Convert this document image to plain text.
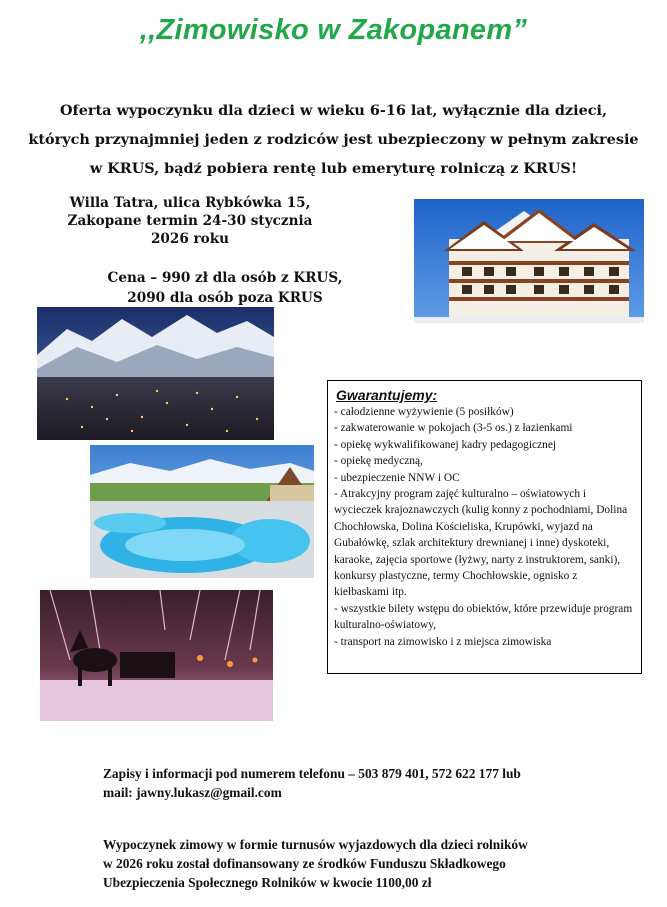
,,Zimowisko w Zakopanem”
Oferta wypoczynku dla dzieci w wieku 6-16 lat, wyłącznie dla dzieci,
których przynajmniej jeden z rodziców jest ubezpieczony w pełnym zakresie
w KRUS, bądź pobiera rentę lub emeryturę rolniczą z KRUS!
Willa Tatra, ulica Rybkówka 15,
Zakopane termin 24-30 stycznia
2026 roku
Cena – 990 zł dla osób z KRUS,
2090 dla osób poza KRUS
Gwarantujemy:
- całodzienne wyżywienie (5 posiłków)
- zakwaterowanie w pokojach (3-5 os.) z łazienkami
- opiekę wykwalifikowanej kadry pedagogicznej
- opiekę medyczną,
- ubezpieczenie NNW i OC
- Atrakcyjny program zajęć kulturalno – oświatowych i wycieczek krajoznawczych (kulig konny z pochodniami, Dolina Chochłowska, Dolina Kościeliska, Krupówki, wyjazd na Gubałówkę, szlak architektury drewnianej i inne) dyskoteki, karaoke, zajęcia sportowe (łyżwy, narty z instruktorem, sanki), konkursy plastyczne, termy Chochłowskie, ognisko z kiełbaskami itp.
- wszystkie bilety wstępu do obiektów, które przewiduje program kulturalno-oświatowy,
- transport na zimowisko i z miejsca zimowiska
Zapisy i informacji pod numerem telefonu – 503 879 401, 572 622 177 lub
mail: jawny.lukasz@gmail.com
Wypoczynek zimowy w formie turnusów wyjazdowych dla dzieci rolników
w 2026 roku został dofinansowany ze środków Funduszu Składkowego
Ubezpieczenia Społecznego Rolników w kwocie 1100,00 zł
